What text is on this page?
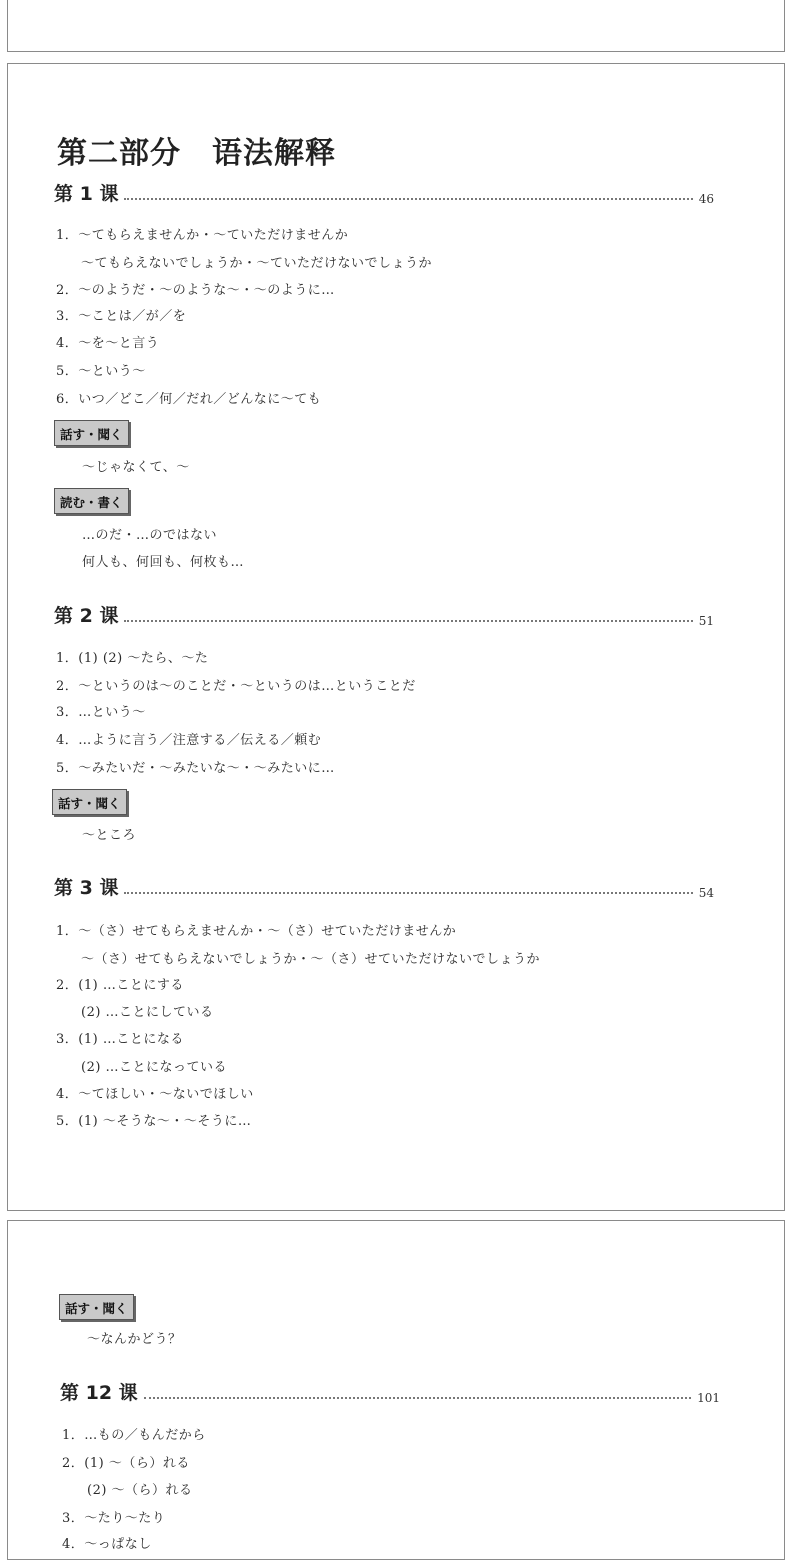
第二部分　语法解释
第 1 课	46
1．～てもらえませんか・～ていただけませんか
～てもらえないでしょうか・～ていただけないでしょうか
2．～のようだ・～のような～・～のように…
3．～ことは／が／を
4．～を～と言う
5．～という～
6．いつ／どこ／何／だれ／どんなに～ても
話す・聞く
～じゃなくて、～
読む・書く
…のだ・…のではない
何人も、何回も、何枚も…
第 2 课	51
1．(1) (2) ～たら、～た
2．～というのは～のことだ・～というのは…ということだ
3．…という～
4．…ように言う／注意する／伝える／頼む
5．～みたいだ・～みたいな～・～みたいに…
話す・聞く
～ところ
第 3 课	54
1．～（さ）せてもらえませんか・～（さ）せていただけませんか
～（さ）せてもらえないでしょうか・～（さ）せていただけないでしょうか
2．(1) …ことにする
(2) …ことにしている
3．(1) …ことになる
(2) …ことになっている
4．～てほしい・～ないでほしい
5．(1) ～そうな～・～そうに…
話す・聞く
～なんかどう？
第 12 课	101
1．…もの／もんだから
2．(1) ～（ら）れる
(2) ～（ら）れる
3．～たり～たり
4．～っぱなし
